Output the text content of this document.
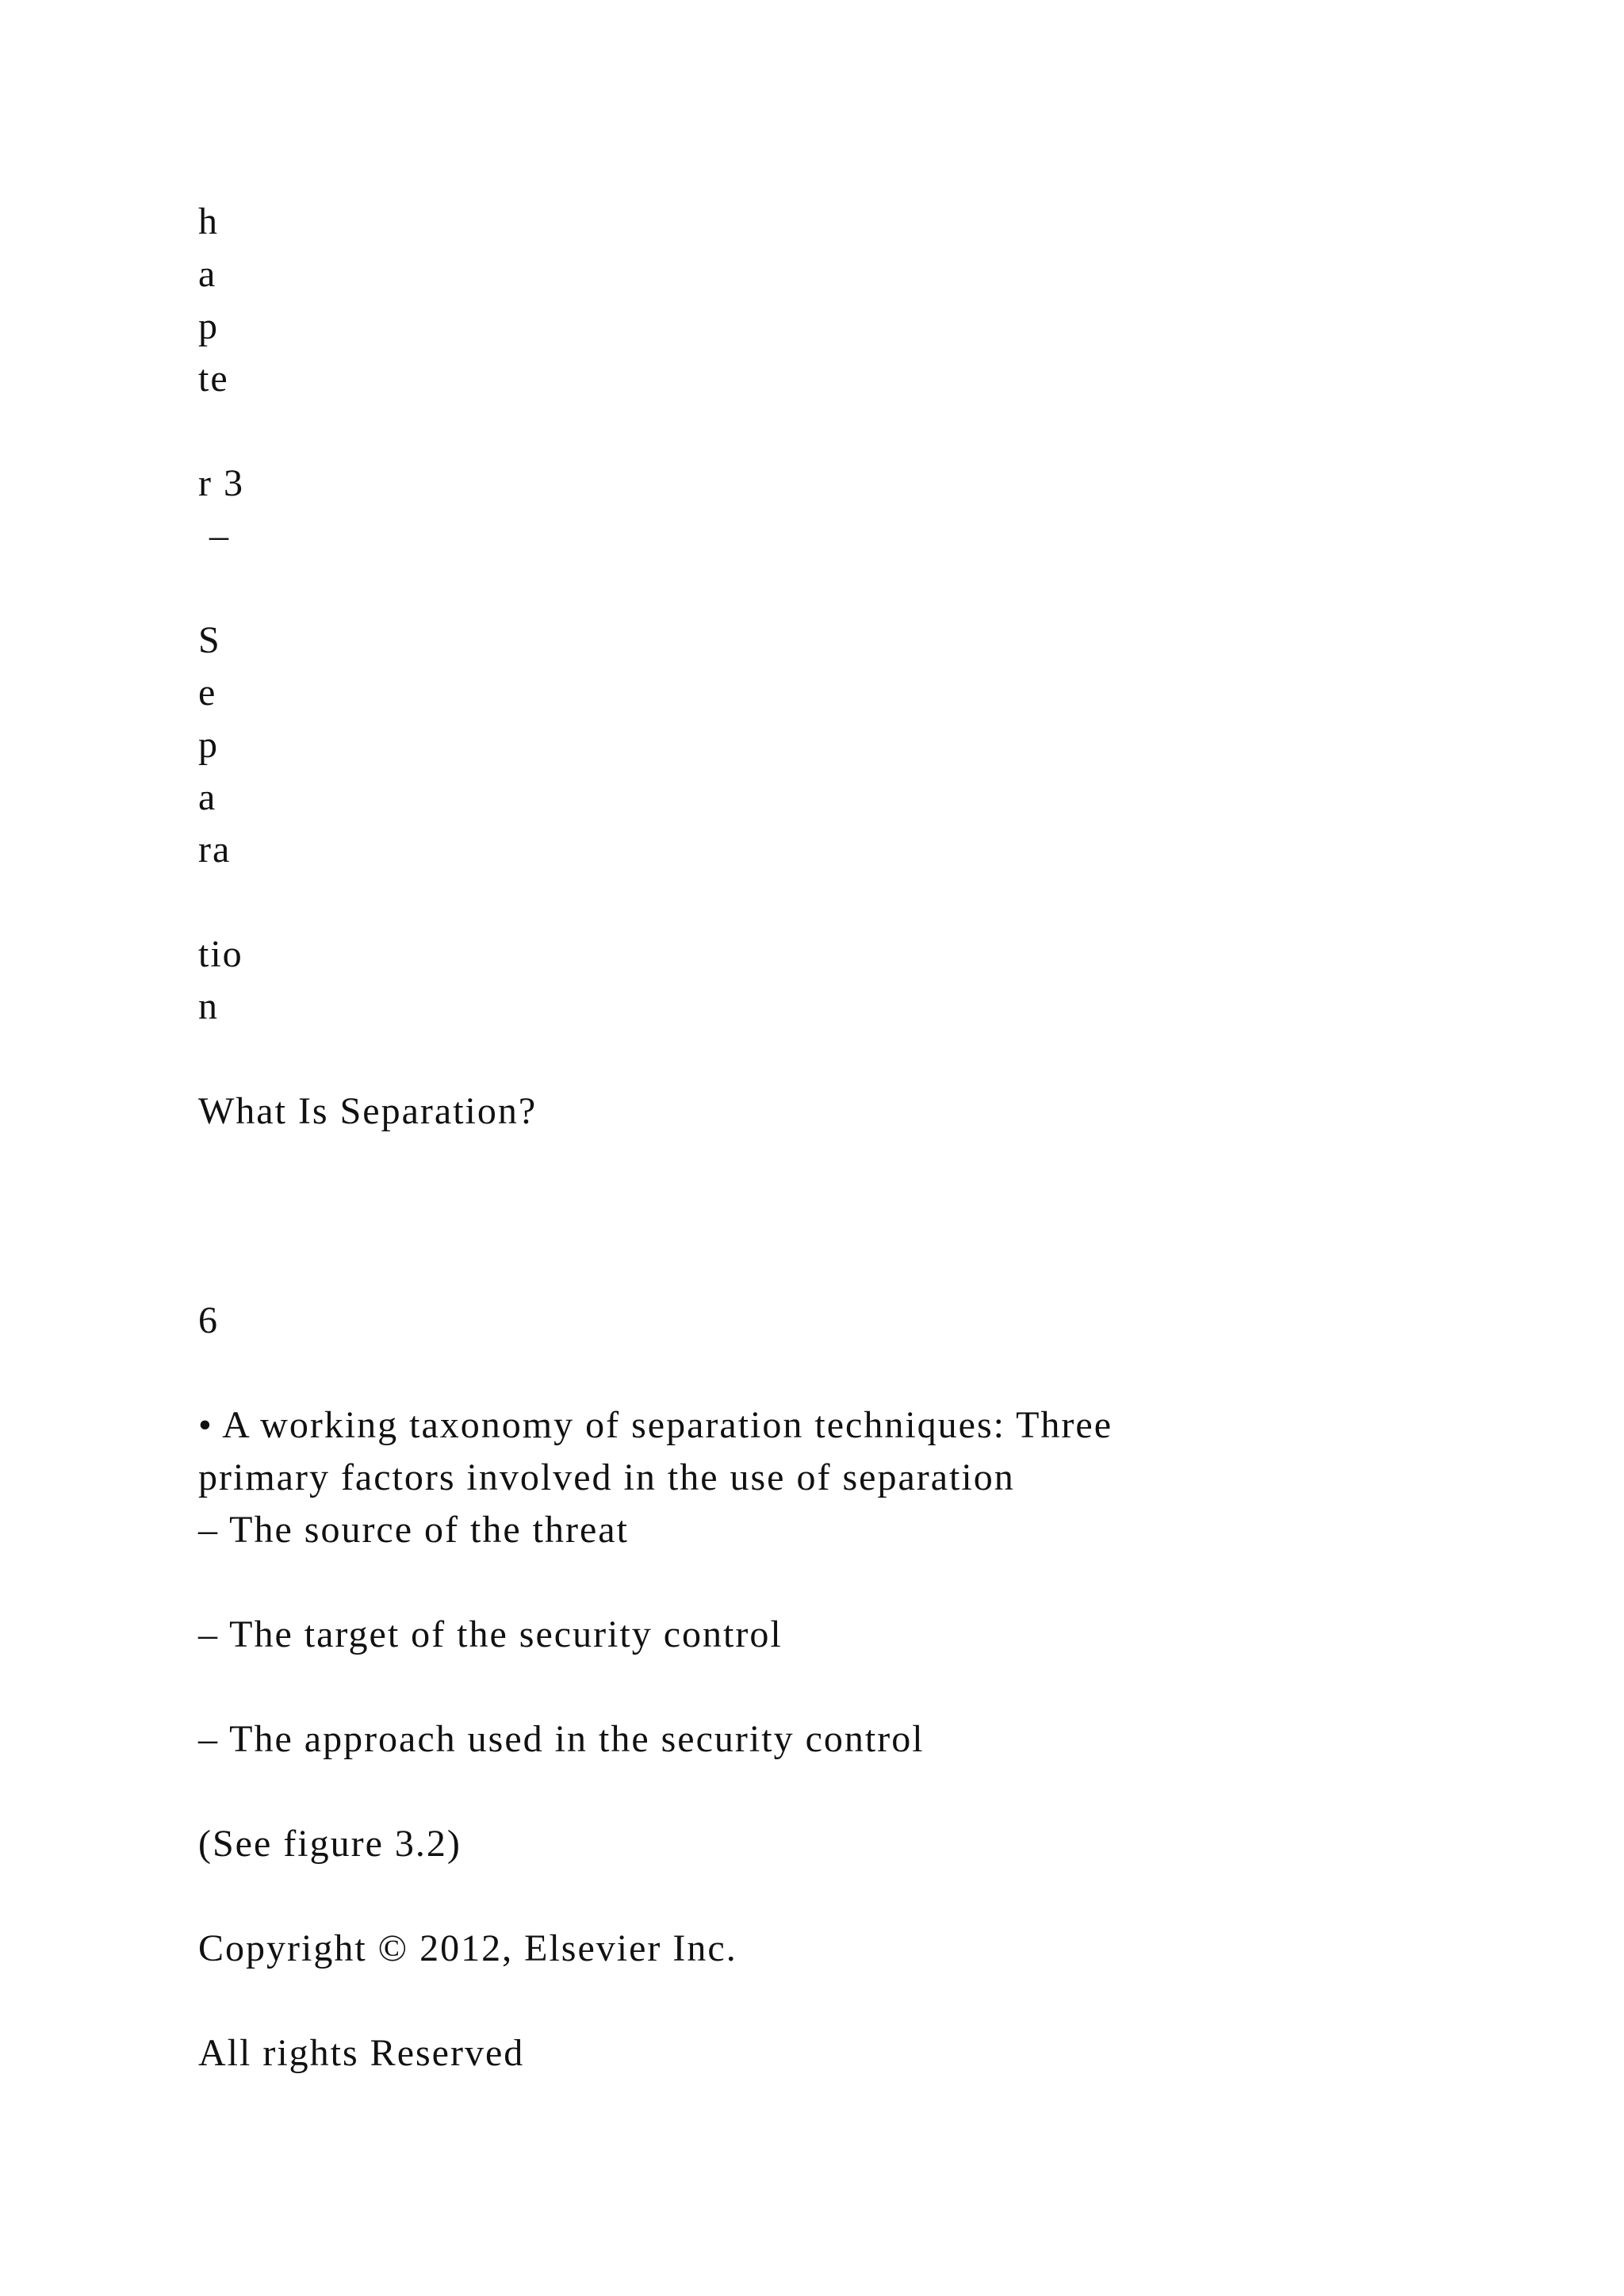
h
a
p
te
r 3
–
S
e
p
a
ra
tio
n
What Is Separation?
6
• A working taxonomy of separation techniques: Three
primary factors involved in the use of separation
– The source of the threat
– The target of the security control
– The approach used in the security control
(See figure 3.2)
Copyright © 2012, Elsevier Inc.
All rights Reserved
